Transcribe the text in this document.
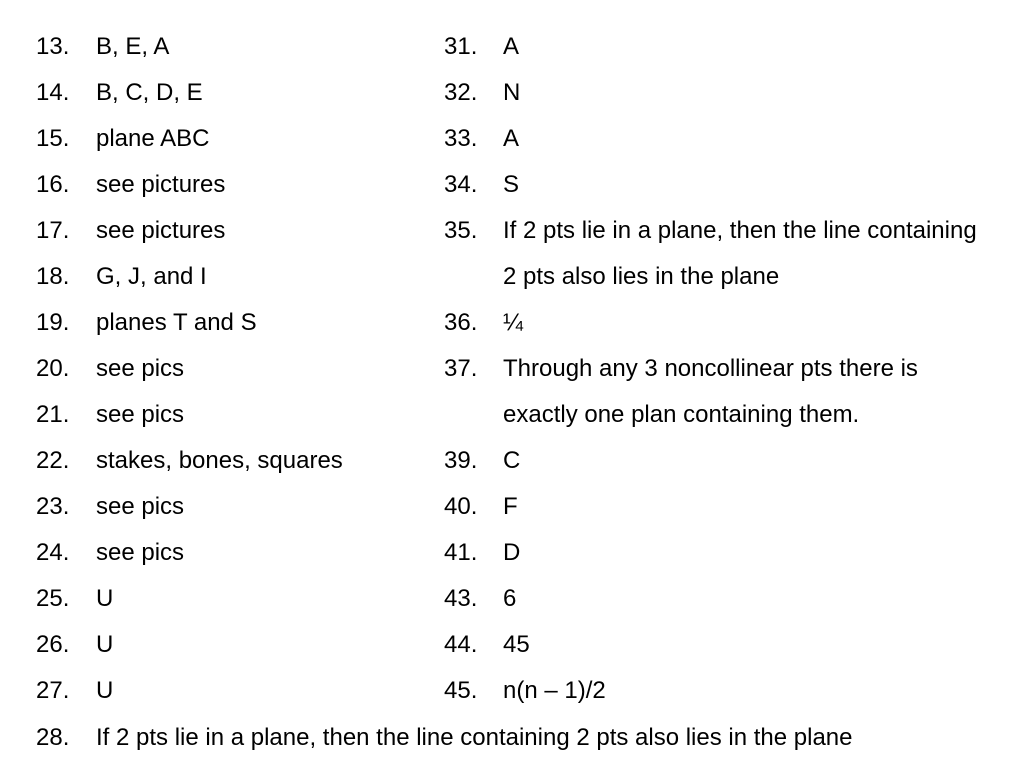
13. B, E, A
14. B, C, D, E
15. plane ABC
16. see pictures
17. see pictures
18. G, J, and I
19. planes T and S
20. see pics
21. see pics
22. stakes, bones, squares
23. see pics
24. see pics
25. U
26. U
27. U
31. A
32. N
33. A
34. S
35. If 2 pts lie in a plane, then the line containing
2 pts also lies in the plane
36. ¼
37. Through any 3 noncollinear pts there is
exactly one plan containing them.
39. C
40. F
41. D
43. 6
44. 45
45. n(n – 1)/2
28. If 2 pts lie in a plane, then the line containing 2 pts also lies in the plane
